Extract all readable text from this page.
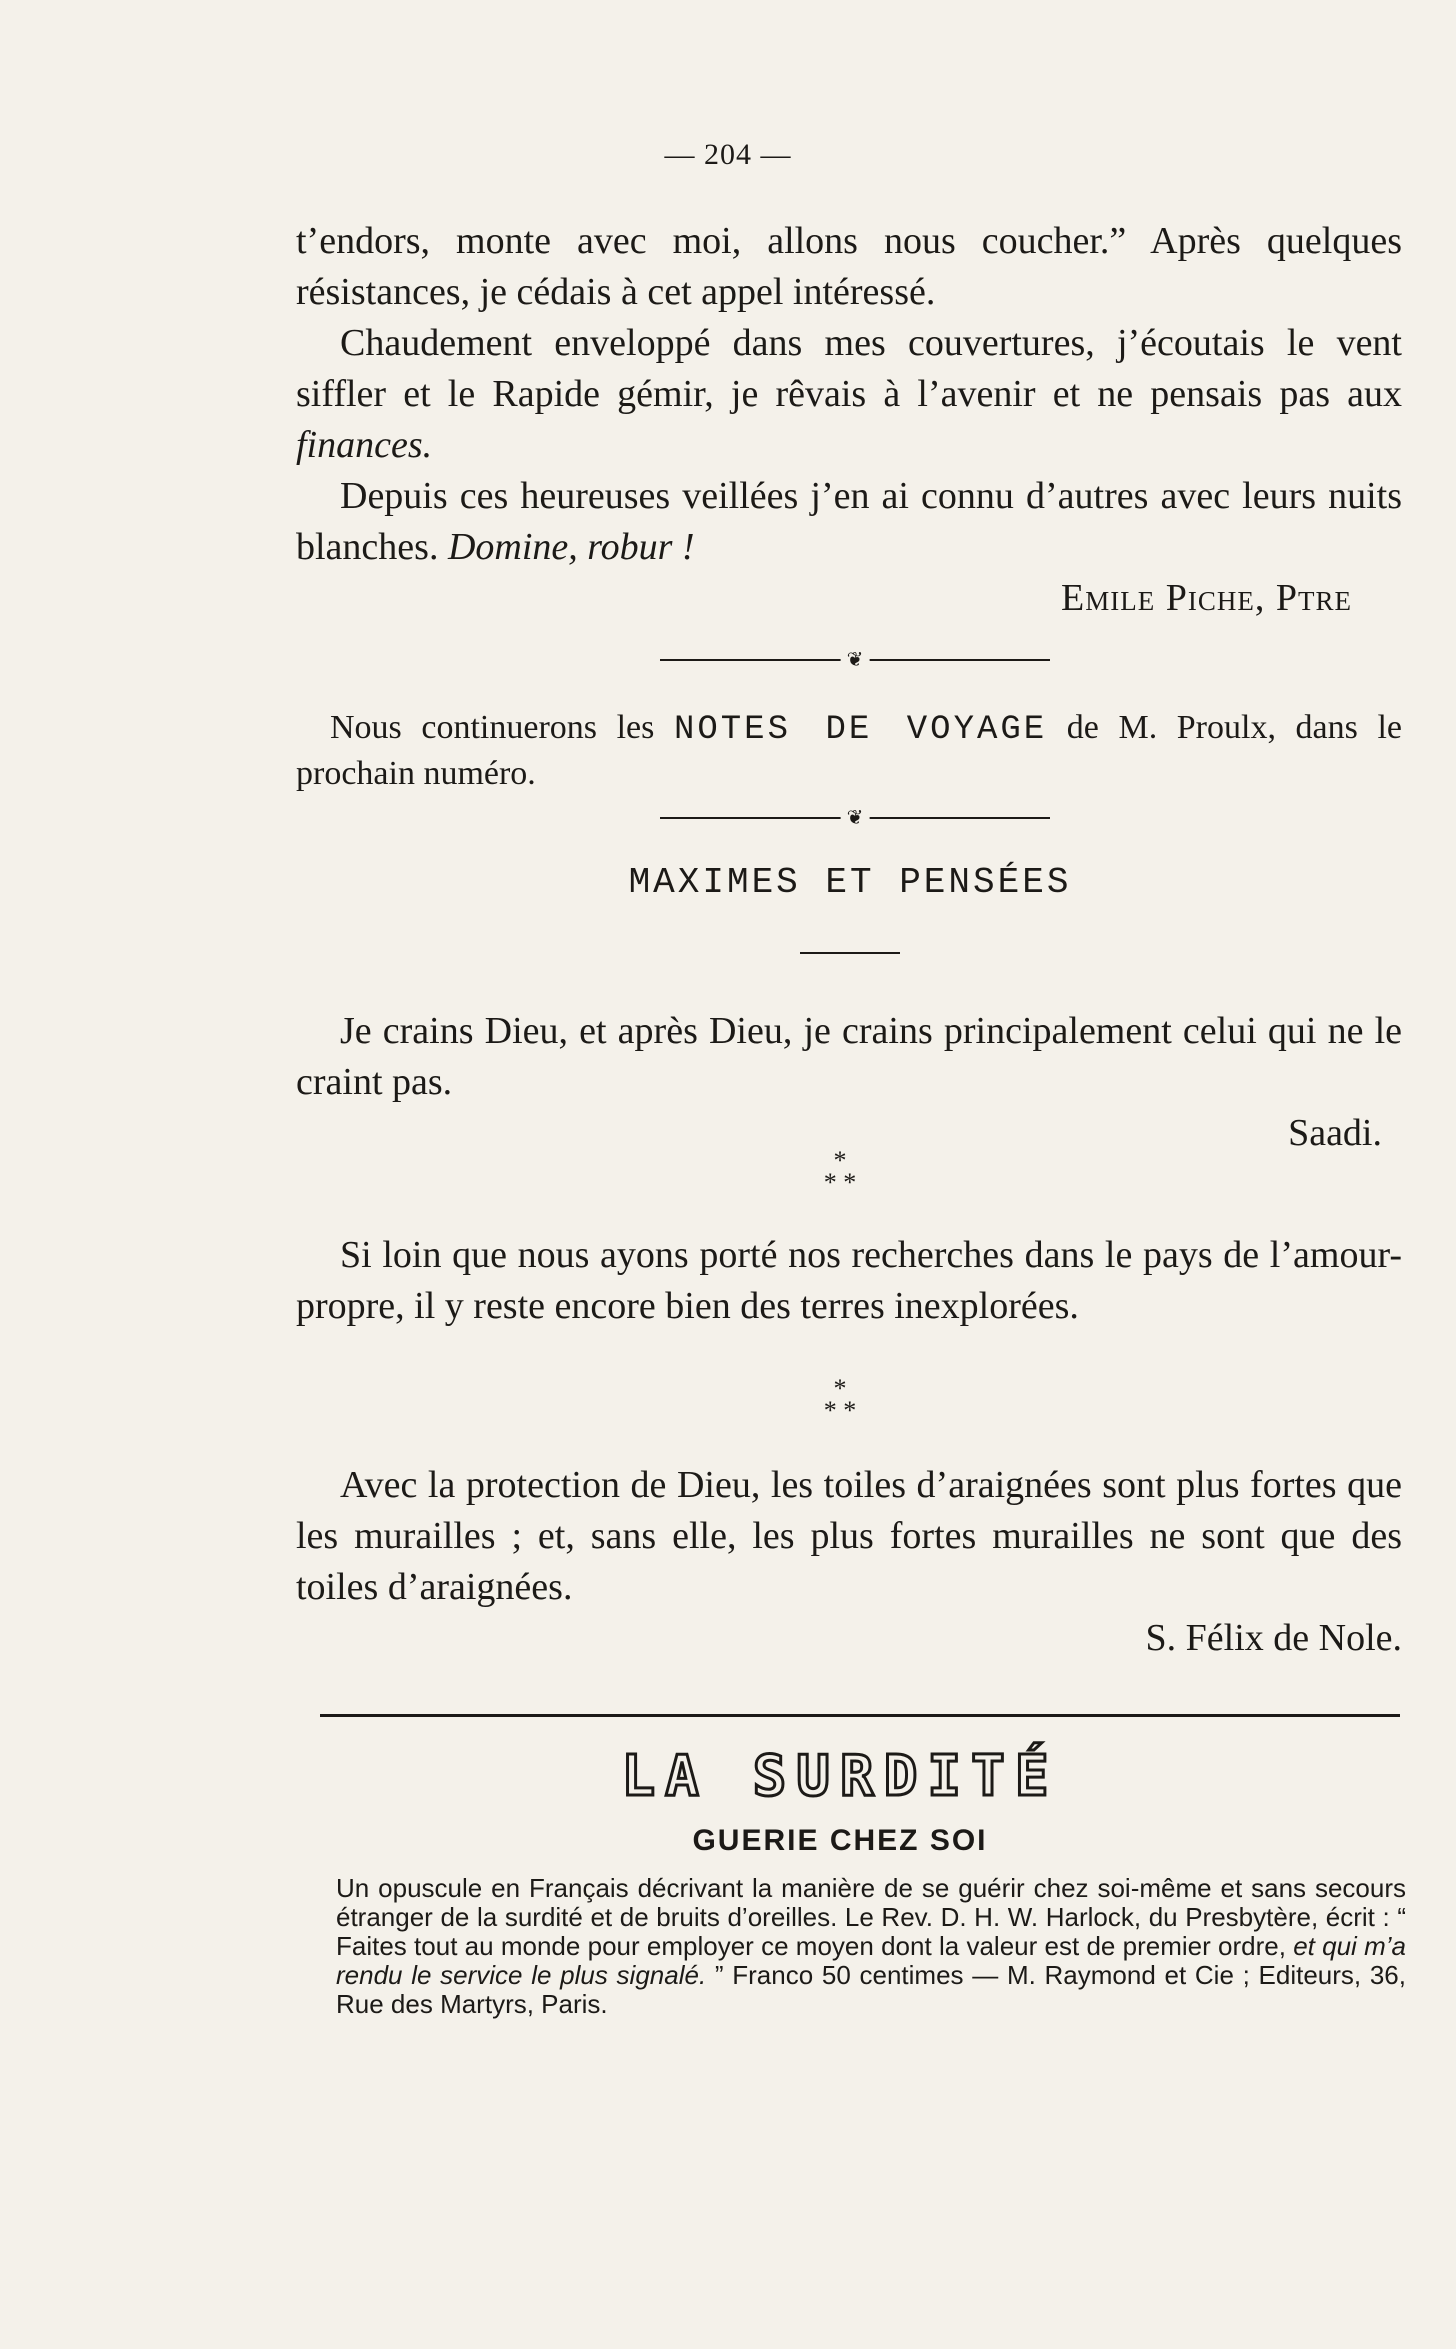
— 204 —

t’endors, monte avec moi, allons nous coucher.” Après quelques résistances, je cédais à cet appel intéressé.

Chaudement enveloppé dans mes couvertures, j’écoutais le vent siffler et le Rapide gémir, je rêvais à l’avenir et ne pensais pas aux finances.

Depuis ces heureuses veillées j’en ai connu d’autres avec leurs nuits blanches. Domine, robur !

Emile Piche, Ptre

❦

Nous continuerons les NOTES DE VOYAGE de M. Proulx, dans le prochain numéro.

❦
MAXIMES ET PENSÉES

Je crains Dieu, et après Dieu, je crains principalement celui qui ne le craint pas.

Saadi.

*
* *

Si loin que nous ayons porté nos recherches dans le pays de l’amour-propre, il y reste encore bien des terres inexplorées.

*
* *

Avec la protection de Dieu, les toiles d’araignées sont plus fortes que les murailles ; et, sans elle, les plus fortes murailles ne sont que des toiles d’araignées.

S. Félix de Nole.

LA SURDITÉ
GUERIE CHEZ SOI

Un opuscule en Français décrivant la manière de se guérir chez soi-même et sans secours étranger de la surdité et de bruits d’oreilles. Le Rev. D. H. W. Harlock, du Presbytère, écrit : “ Faites tout au monde pour employer ce moyen dont la valeur est de premier ordre, et qui m’a rendu le service le plus signalé. ” Franco 50 centimes — M. Raymond et Cie ; Editeurs, 36, Rue des Martyrs, Paris.
